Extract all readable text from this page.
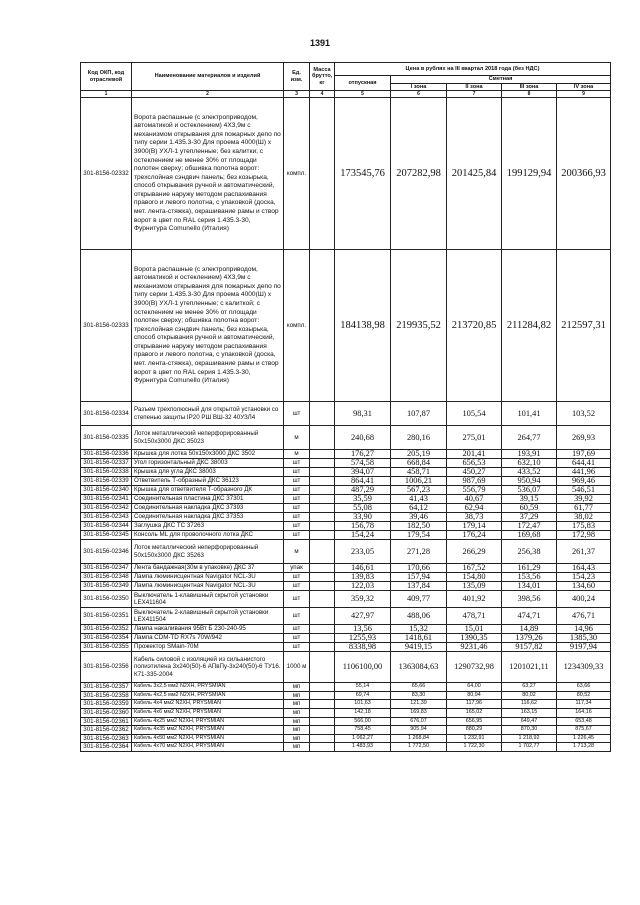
1391
Код ОКП, код отраслевой	Наименование материалов и изделий	Ед. изм.	Масса брутто, кг	Цена в рублях на III квартал 2018 года (без НДС)				
				отпускная	Сметная			
					I зона	II зона	III зона	IV зона
1	2	3	4	5	6	7	8	9
301-8156-02332	Ворота распашные (с электроприводом, автоматикой и остеклением) 4Х3,9м с механизмом открывания для пожарных депо по типу серии 1.435.3-30 Для проема 4000(Ш) х 3900(В) УХЛ-1 утепленные; без калитки; с остеклением не менее 30% от площади полотен сверху; обшивка полотна ворот: трехслойная сэндвич панель; без козырька, способ открывания ручной и автоматический, открывание наружу методом распахивания правого и левого полотна, с упаковкой (доска, мет. лента-стяжка), окрашивание рамы и створ ворот в цвет по RAL серия 1.435.3-30, Фурнитура Comunello (Италия)	компл.		173545,76	207282,98	201425,84	199129,94	200366,93
301-8156-02333	Ворота распашные (с электроприводом, автоматикой и остеклением) 4Х3,9м с механизмом открывания для пожарных депо по типу серии 1.435.3-30 Для проема 4000(Ш) х 3900(В) УХЛ-1 утепленные; с калиткой; с остеклением не менее 30% от площади полотен сверху; обшивка полотна ворот: трехслойная сэндвич панель; без козырька, способ открывания ручной и автоматический, открывание наружу методом распахивания правого и левого полотна, с упаковкой (доска, мет. лента-стяжка), окрашивание рамы и створ ворот в цвет по RAL серия 1.435.3-30, Фурнитура Comunello (Италия)	компл.		184138,98	219935,52	213720,85	211284,82	212597,31
301-8156-02334	Разъем трехполюсный для открытой установки со степенью защиты IP20 РШ ВШ-32 40УЗЛ4	шт		98,31	107,87	105,54	101,41	103,52
301-8156-02335	Лоток металлический неперфорированный 50х150х3000 ДКС 35023	м		240,68	280,16	275,01	264,77	269,93
301-8156-02336	Крышка для лотка 50х150х3000 ДКС 3502	м		176,27	205,19	201,41	193,91	197,69
301-8156-02337	Угол горизонтальный ДКС 38003	шт		574,58	668,84	656,53	632,10	644,41
301-8156-02338	Крышка для угла ДКС 38003	шт		394,07	458,71	450,27	433,52	441,96
301-8156-02339	Ответвитель Т-образный ДКС 36123	шт		864,41	1006,21	987,69	950,94	969,46
301-8156-02340	Крышка для ответвителя Т-образного ДК	шт		487,29	567,23	556,79	536,07	546,51
301-8156-02341	Соединительная пластина ДКС 37301	шт		35,59	41,43	40,67	39,15	39,92
301-8156-02342	Соединительная накладка ДКС 37393	шт		55,08	64,12	62,94	60,59	61,77
301-8156-02343	Соединительная накладка ДКС 37353	шт		33,90	39,46	38,73	37,29	38,02
301-8156-02344	Заглушка ДКС ТС 37263	шт		156,78	182,50	179,14	172,47	175,83
301-8156-02345	Консоль ML для проволочного лотка ДКС	шт		154,24	179,54	176,24	169,68	172,98
301-8156-02346	Лоток металлический неперфорированный 50х150х3000 ДКС 35263	м		233,05	271,28	266,29	256,38	261,37
301-8156-02347	Лента бандажная(30м в упаковке) ДКС 37	упак		146,61	170,66	167,52	161,29	164,43
301-8156-02348	Лампа люминисцентная Navigator NCL-3U	шт		139,83	157,94	154,80	153,56	154,23
301-8156-02349	Лампа люминисцентная Navigator NCL-3U	шт		122,03	137,84	135,09	134,01	134,60
301-8156-02350	Выключатель 1-клавишный скрытой установки LEX411604	шт		359,32	409,77	401,92	398,56	400,24
301-8156-02351	Выключатель 2-клавишный скрытой установки LEX411504	шт		427,97	488,06	478,71	474,71	476,71
301-8156-02352	Лампа накаливания 95Вт Б 230-240-95	шт		13,56	15,32	15,01	14,89	14,96
301-8156-02354	Лампа CDM-TD RX7s 70W/942	шт		1255,93	1418,61	1390,35	1379,26	1385,30
301-8156-02355	Прожектор SMain-70M	шт		8338,98	9419,15	9231,46	9157,82	9197,94
301-8156-02356	Кабель силовой с изоляцией из сильанистого полиэтилена 3х240(50)-6 АПвПу-3х240(50)-6 ТУ16. К71-335-2004	1000 м		1106100,00	1363084,63	1290732,98	1201021,11	1234309,33
301-8156-02357	Кабель 3х2,5 мм2 N2XH, PRYSMIAN	мп		55,14	65,66	64,00	63,27	63,66
301-8156-02358	Кабель 4х2,5 мм2 N2XH, PRYSMIAN	мп		69,74	83,30	80,94	80,02	80,52
301-8156-02359	Кабель 4х4 мм2 N2XH, PRYSMIAN	мп		101,63	121,39	117,96	116,62	117,34
301-8156-02360	Кабель 4х6 мм2 N2XH, PRYSMIAN	мп		142,18	169,83	165,02	163,15	164,16
301-8156-02361	Кабель 4х25 мм2 N2XH, PRYSMIAN	мп		566,00	676,07	656,95	649,47	653,48
301-8156-02362	Кабель 4х35 мм2 N2XH, PRYSMIAN	мп		758,45	905,94	880,29	870,30	875,67
301-8156-02363	Кабель 4х50 мм2 N2XH, PRYSMIAN	мп		1 062,27	1 268,84	1 232,91	1 218,92	1 226,45
301-8156-02364	Кабель 4х70 мм2 N2XH, PRYSMIAN	мп		1 483,93	1 772,50	1 722,30	1 702,77	1 713,28
